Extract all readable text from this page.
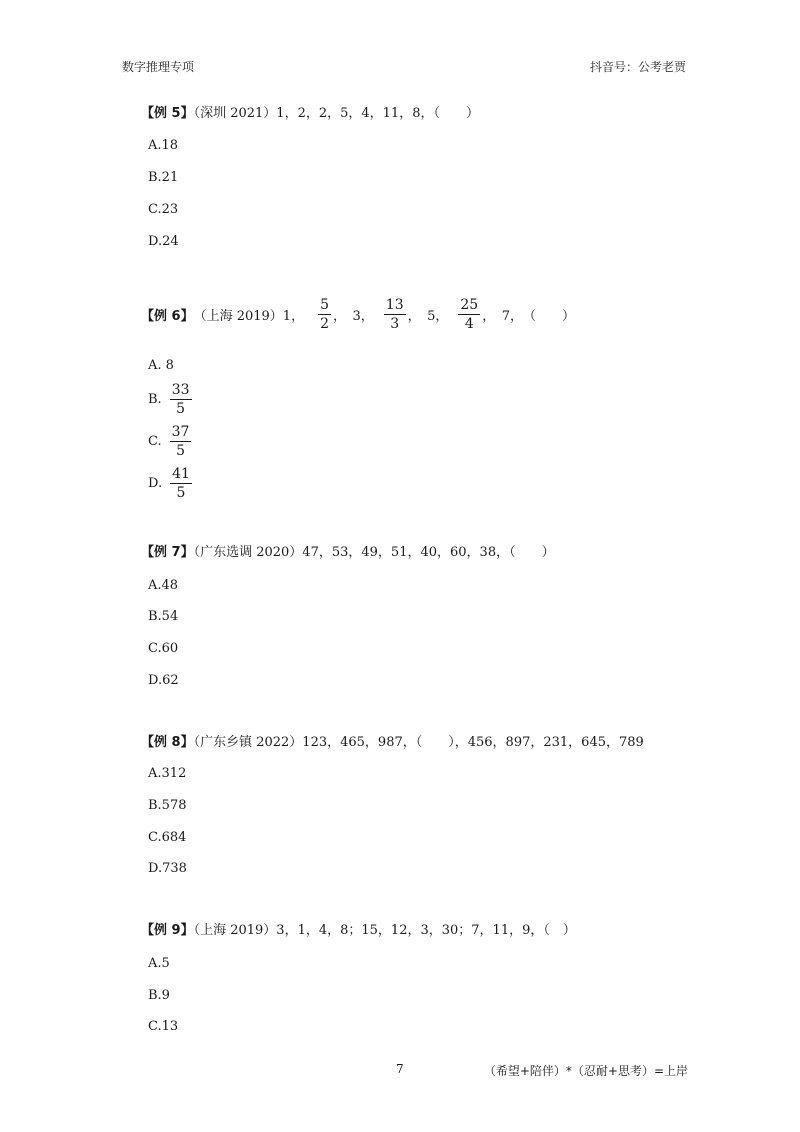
数字推理专项	抖音号：公考老贾
【例 5】（深圳 2021）1，2，2，5，4，11，8，（　　）
A.18
B.21
C.23
D.24
【例 6】 （上海 2019）1， $\frac{5}{2}$ ，　3， $\frac{13}{3}$ ，　5， $\frac{25}{4}$ ，　7，　（　　）
A. 8
B. $\frac{33}{5}$
C. $\frac{37}{5}$
D. $\frac{41}{5}$
【例 7】（广东选调 2020）47，53，49，51，40，60，38，（　　）
A.48
B.54
C.60
D.62
【例 8】（广东乡镇 2022）123，465，987，（　　），456，897，231，645，789
A.312
B.578
C.684
D.738
【例 9】（上海 2019）3，1，4，8；15，12，3，30；7，11，9，（　）
A.5
B.9
C.13
7	（希望+陪伴）*（忍耐+思考）=上岸
